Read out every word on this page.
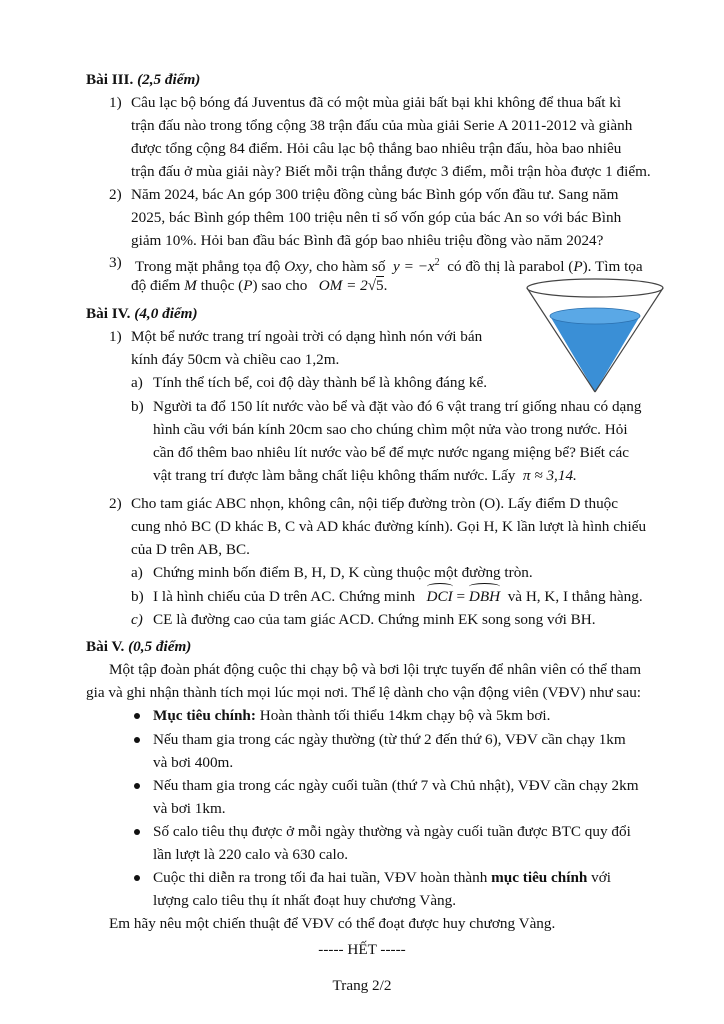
Bài III. (2,5 điểm)
1) Câu lạc bộ bóng đá Juventus đã có một mùa giải bất bại khi không để thua bất kì
trận đấu nào trong tổng cộng 38 trận đấu của mùa giải Serie A 2011-2012 và giành
được tổng cộng 84 điểm. Hỏi câu lạc bộ thắng bao nhiêu trận đấu, hòa bao nhiêu
trận đấu ở mùa giải này? Biết mỗi trận thắng được 3 điểm, mỗi trận hòa được 1 điểm.
2) Năm 2024, bác An góp 300 triệu đồng cùng bác Bình góp vốn đầu tư. Sang năm
2025, bác Bình góp thêm 100 triệu nên tỉ số vốn góp của bác An so với bác Bình
giảm 10%. Hỏi ban đầu bác Bình đã góp bao nhiêu triệu đồng vào năm 2024?
3) Trong mặt phẳng tọa độ Oxy, cho hàm số $y = -x^2$ có đồ thị là parabol (P). Tìm tọa
độ điểm M thuộc (P) sao cho OM = 2√5.
Bài IV. (4,0 điểm)
1) Một bể nước trang trí ngoài trời có dạng hình nón với bán
kính đáy 50cm và chiều cao 1,2m.
a) Tính thể tích bể, coi độ dày thành bể là không đáng kể.
b) Người ta đổ 150 lít nước vào bể và đặt vào đó 6 vật trang trí giống nhau có dạng
hình cầu với bán kính 20cm sao cho chúng chìm một nửa vào trong nước. Hỏi
cần đổ thêm bao nhiêu lít nước vào bể để mực nước ngang miệng bể? Biết các
vật trang trí được làm bằng chất liệu không thấm nước. Lấy π ≈ 3,14.
2) Cho tam giác ABC nhọn, không cân, nội tiếp đường tròn (O). Lấy điểm D thuộc
cung nhỏ BC (D khác B, C và AD khác đường kính). Gọi H, K lần lượt là hình chiếu
của D trên AB, BC.
a) Chứng minh bốn điểm B, H, D, K cùng thuộc một đường tròn.
b) I là hình chiếu của D trên AC. Chứng minh DCI = DBH và H, K, I thẳng hàng.
c) CE là đường cao của tam giác ACD. Chứng minh EK song song với BH.
Bài V. (0,5 điểm)
Một tập đoàn phát động cuộc thi chạy bộ và bơi lội trực tuyến để nhân viên có thể tham
gia và ghi nhận thành tích mọi lúc mọi nơi. Thể lệ dành cho vận động viên (VĐV) như sau:
Mục tiêu chính: Hoàn thành tối thiểu 14km chạy bộ và 5km bơi.
Nếu tham gia trong các ngày thường (từ thứ 2 đến thứ 6), VĐV cần chạy 1km
và bơi 400m.
Nếu tham gia trong các ngày cuối tuần (thứ 7 và Chủ nhật), VĐV cần chạy 2km
và bơi 1km.
Số calo tiêu thụ được ở mỗi ngày thường và ngày cuối tuần được BTC quy đổi
lần lượt là 220 calo và 630 calo.
Cuộc thi diễn ra trong tối đa hai tuần, VĐV hoàn thành mục tiêu chính với
lượng calo tiêu thụ ít nhất đoạt huy chương Vàng.
Em hãy nêu một chiến thuật để VĐV có thể đoạt được huy chương Vàng.
----- HẾT -----
Trang 2/2
